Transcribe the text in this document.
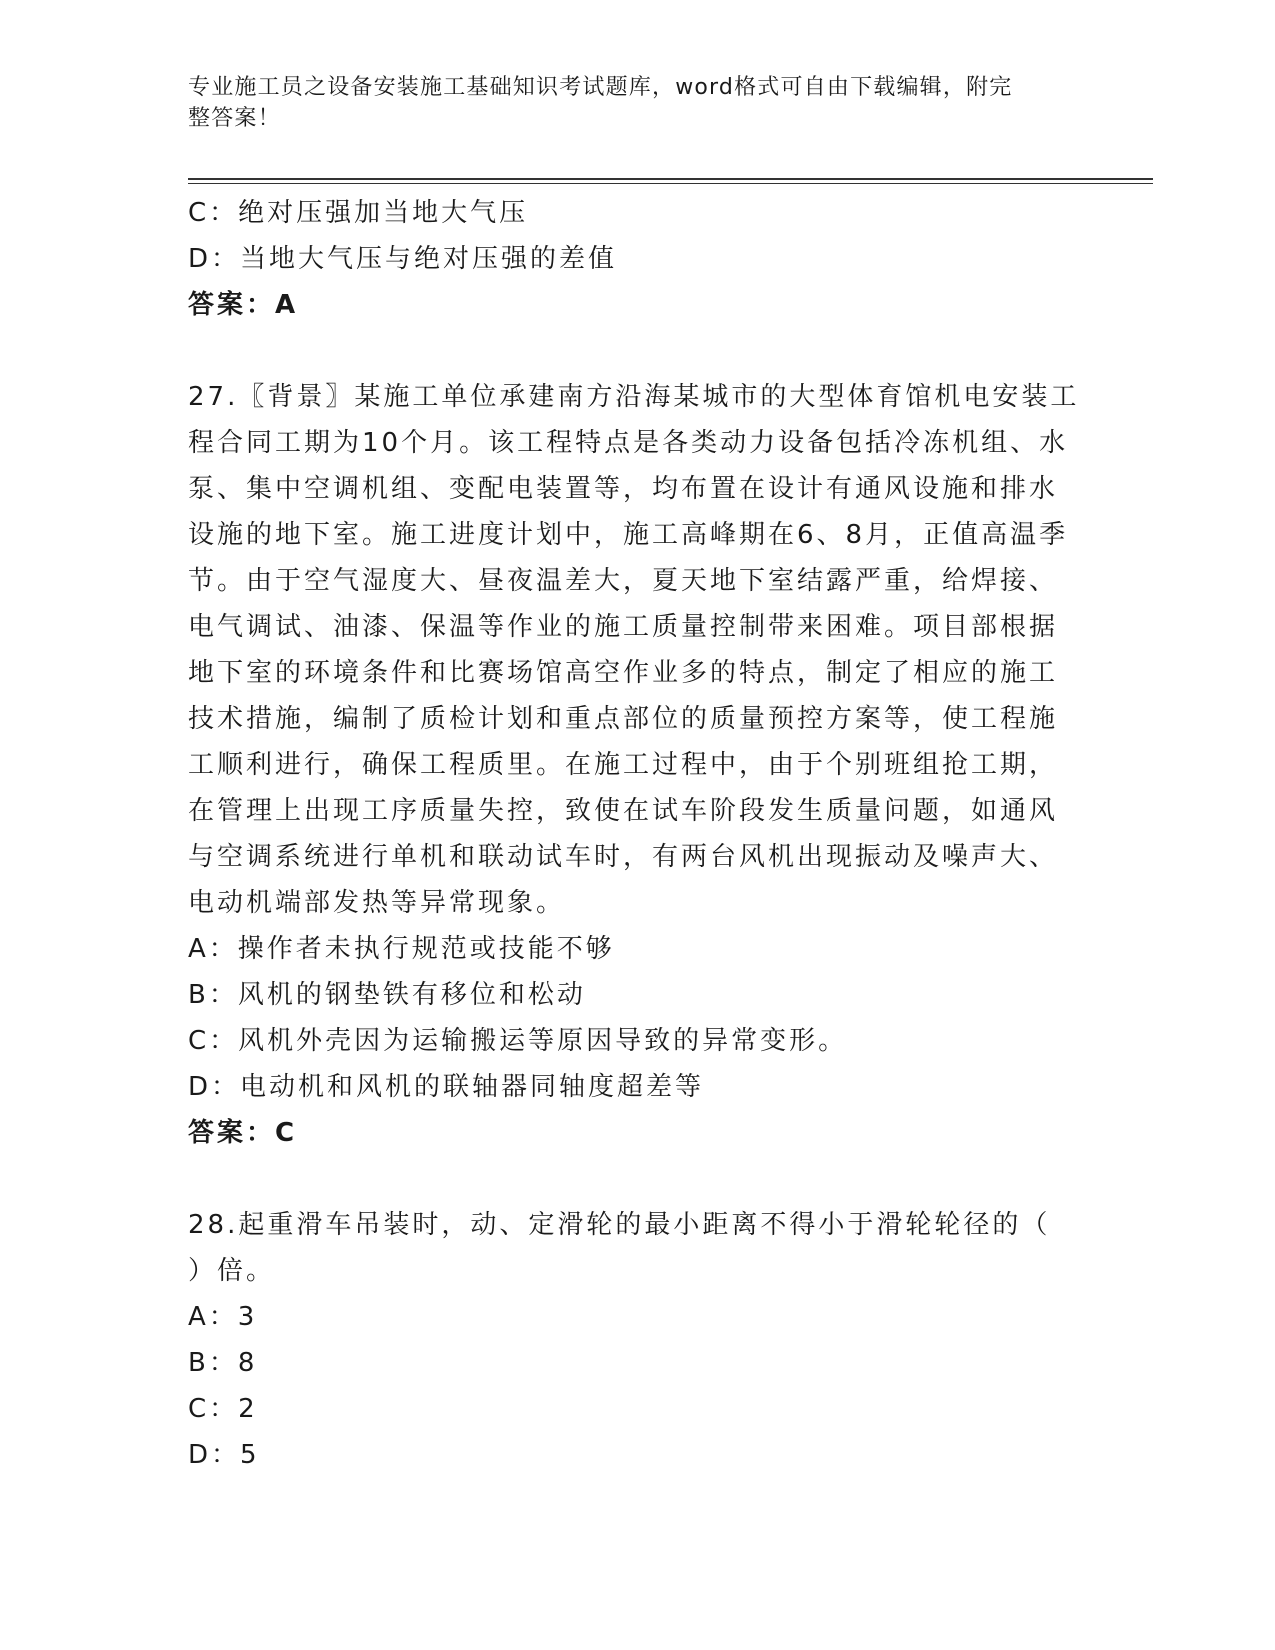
专业施工员之设备安装施工基础知识考试题库，word格式可自由下载编辑，附完
整答案！
C：绝对压强加当地大气压
D：当地大气压与绝对压强的差值
答案：A
27.〖背景〗某施工单位承建南方沿海某城市的大型体育馆机电安装工
程合同工期为10个月。该工程特点是各类动力设备包括冷冻机组、水
泵、集中空调机组、变配电装置等，均布置在设计有通风设施和排水
设施的地下室。施工进度计划中，施工高峰期在6、8月，正值高温季
节。由于空气湿度大、昼夜温差大，夏天地下室结露严重，给焊接、
电气调试、油漆、保温等作业的施工质量控制带来困难。项目部根据
地下室的环境条件和比赛场馆高空作业多的特点，制定了相应的施工
技术措施，编制了质检计划和重点部位的质量预控方案等，使工程施
工顺利进行，确保工程质里。在施工过程中，由于个别班组抢工期，
在管理上出现工序质量失控，致使在试车阶段发生质量问题，如通风
与空调系统进行单机和联动试车时，有两台风机出现振动及噪声大、
电动机端部发热等异常现象。
A：操作者未执行规范或技能不够
B：风机的钢垫铁有移位和松动
C：风机外壳因为运输搬运等原因导致的异常变形。
D：电动机和风机的联轴器同轴度超差等
答案：C
28.起重滑车吊装时，动、定滑轮的最小距离不得小于滑轮轮径的（
）倍。
A：3
B：8
C：2
D：5
